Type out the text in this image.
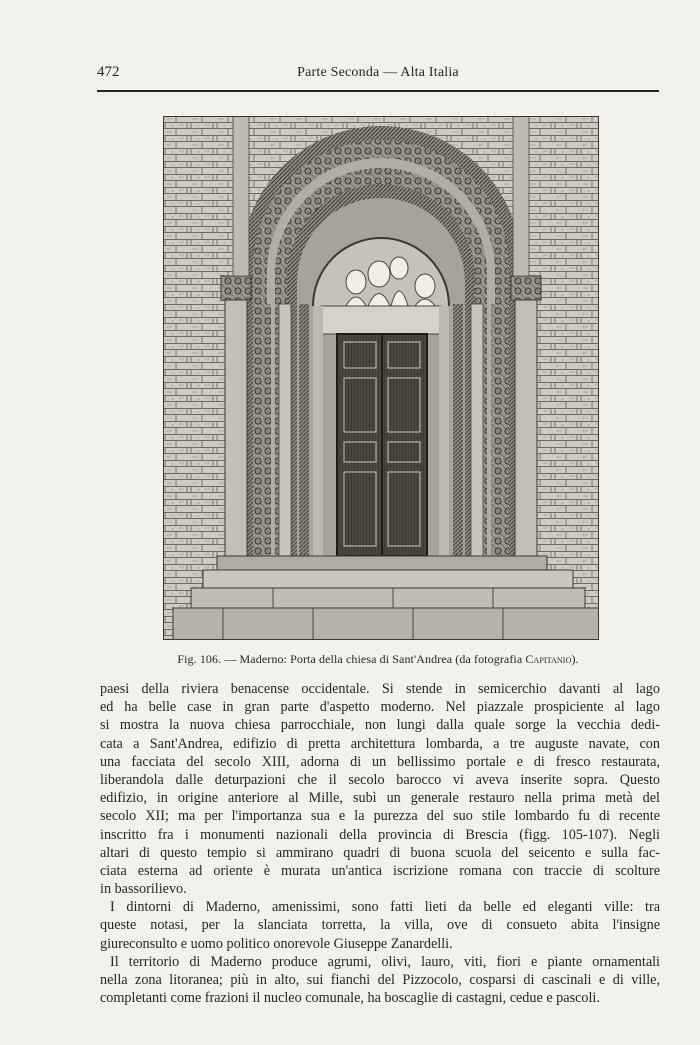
472	Parte Seconda — Alta Italia
Fig. 106. — Maderno: Porta della chiesa di Sant'Andrea (da fotografia Capitanio).
paesi della riviera benacense occidentale. Si stende in semicerchio davanti al lago
ed ha belle case in gran parte d'aspetto moderno. Nel piazzale prospiciente al lago
si mostra la nuova chiesa parrocchiale, non lungi dalla quale sorge la vecchia dedi-
cata a Sant'Andrea, edifizio di pretta architettura lombarda, a tre auguste navate, con
una facciata del secolo XIII, adorna di un bellissimo portale e di fresco restaurata,
liberandola dalle deturpazioni che il secolo barocco vi aveva inserite sopra. Questo
edifizio, in origine anteriore al Mille, subì un generale restauro nella prima metà del
secolo XII; ma per l'importanza sua e la purezza del suo stile lombardo fu di recente
inscritto fra i monumenti nazionali della provincia di Brescia (figg. 105-107). Negli
altari di questo tempio si ammirano quadri di buona scuola del seicento e sulla fac-
ciata esterna ad oriente è murata un'antica iscrizione romana con traccie di scolture
in bassorilievo.
I dintorni di Maderno, amenissimi, sono fatti lieti da belle ed eleganti ville: tra
queste notasi, per la slanciata torretta, la villa, ove di consueto abita l'insigne
giureconsulto e uomo politico onorevole Giuseppe Zanardelli.
Il territorio di Maderno produce agrumi, olivi, lauro, viti, fiori e piante ornamentali
nella zona litoranea; più in alto, sui fianchi del Pizzocolo, cosparsi di cascinali e di ville,
completanti come frazioni il nucleo comunale, ha boscaglie di castagni, cedue e pascoli.
